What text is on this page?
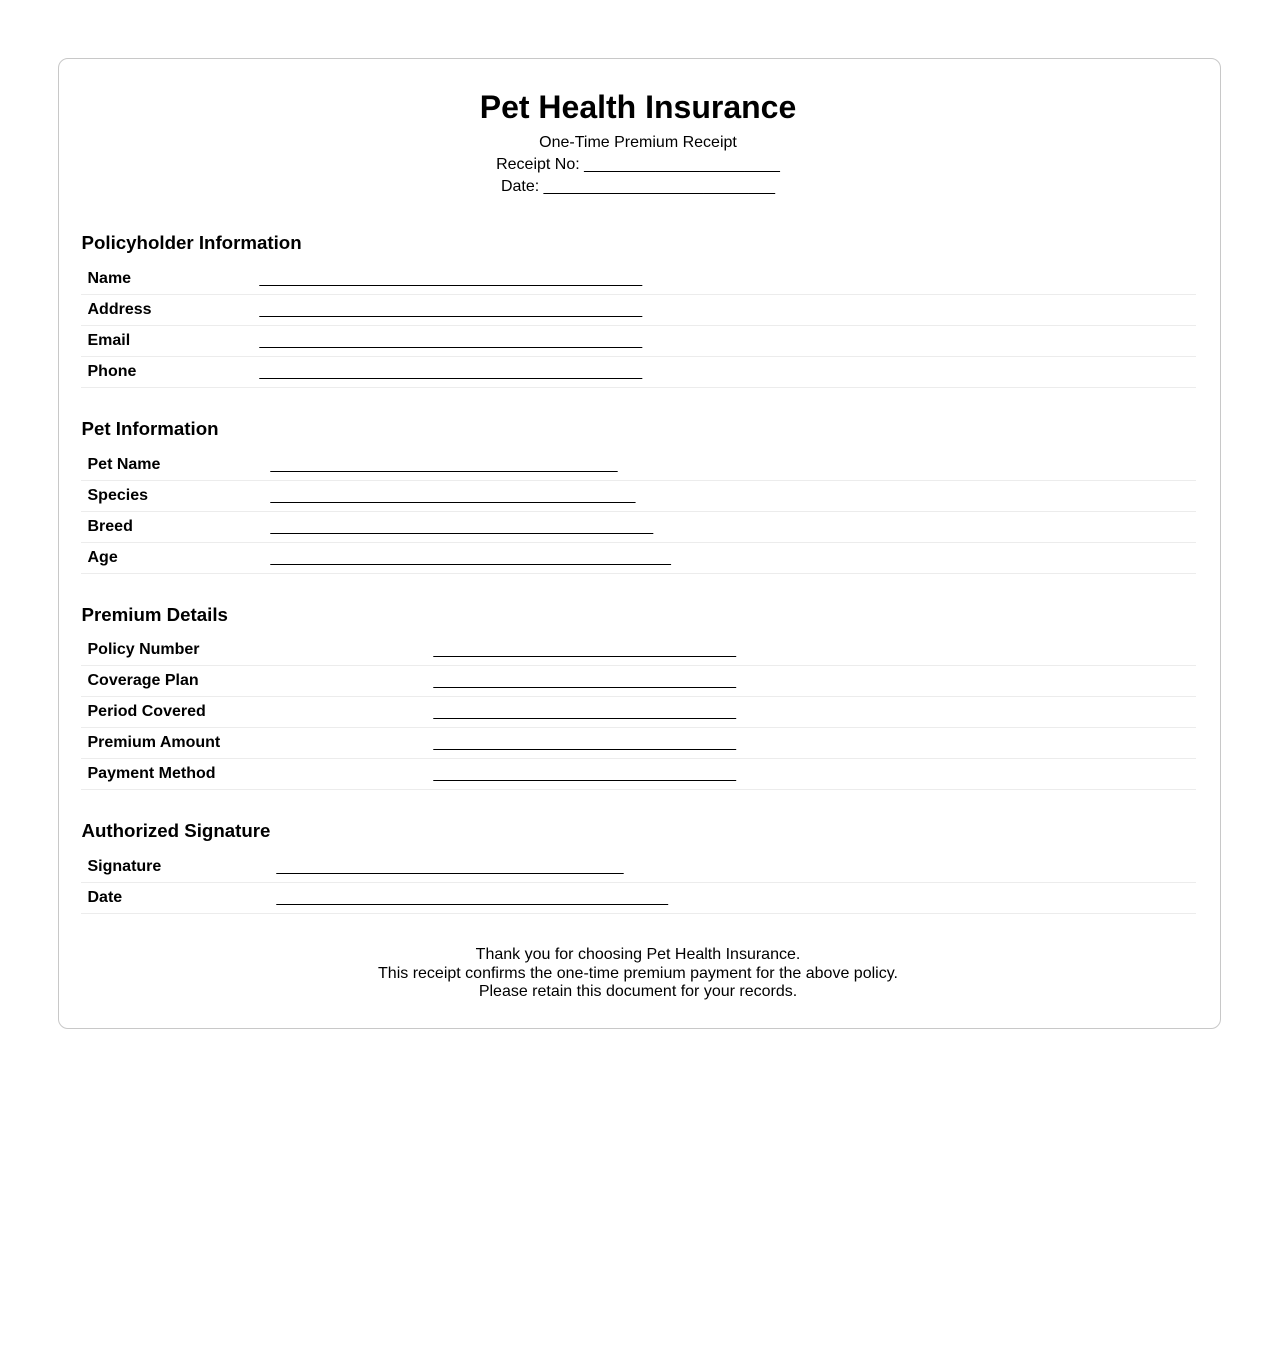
Pet Health Insurance
One-Time Premium Receipt
Receipt No: ______________________
Date: __________________________
Policyholder Information
Name	___________________________________________
Address	___________________________________________
Email	___________________________________________
Phone	___________________________________________
Pet Information
Pet Name	_______________________________________
Species	_________________________________________
Breed	___________________________________________
Age	_____________________________________________
Premium Details
Policy Number	__________________________________
Coverage Plan	__________________________________
Period Covered	__________________________________
Premium Amount	__________________________________
Payment Method	__________________________________
Authorized Signature
Signature	_______________________________________
Date	____________________________________________
Thank you for choosing Pet Health Insurance.
This receipt confirms the one-time premium payment for the above policy.
Please retain this document for your records.
